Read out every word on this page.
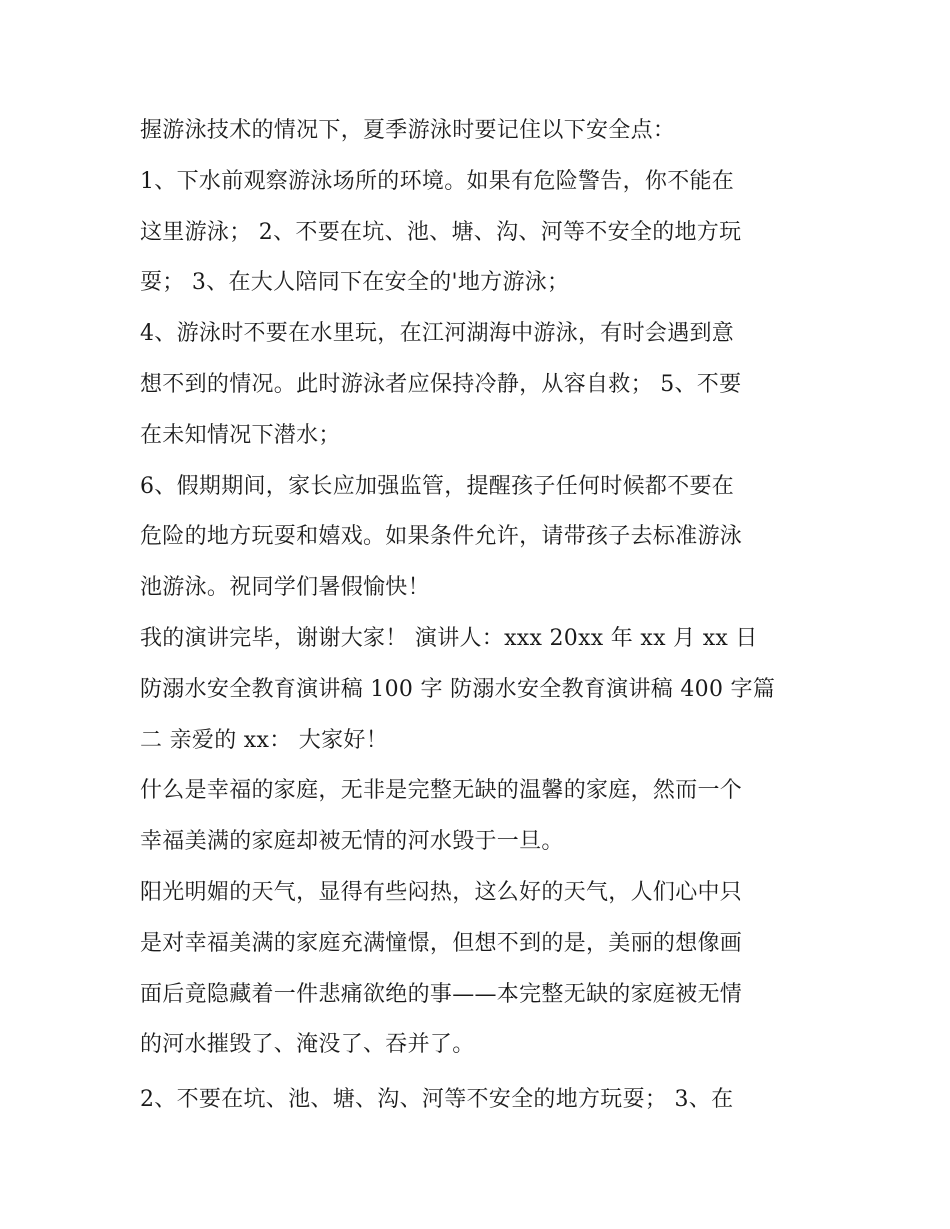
握游泳技术的情况下，夏季游泳时要记住以下安全点：
1、下水前观察游泳场所的环境。如果有危险警告，你不能在
这里游泳； 2、不要在坑、池、塘、沟、河等不安全的地方玩
耍； 3、在大人陪同下在安全的'地方游泳；
4、游泳时不要在水里玩，在江河湖海中游泳，有时会遇到意
想不到的情况。此时游泳者应保持冷静，从容自救； 5、不要
在未知情况下潜水；
6、假期期间，家长应加强监管，提醒孩子任何时候都不要在
危险的地方玩耍和嬉戏。如果条件允许，请带孩子去标准游泳
池游泳。祝同学们暑假愉快！
我的演讲完毕，谢谢大家！ 演讲人：xxx 20xx 年 xx 月 xx 日
防溺水安全教育演讲稿 100 字 防溺水安全教育演讲稿 400 字篇
二 亲爱的 xx： 大家好！
什么是幸福的家庭，无非是完整无缺的温馨的家庭，然而一个
幸福美满的家庭却被无情的河水毁于一旦。
阳光明媚的天气，显得有些闷热，这么好的天气，人们心中只
是对幸福美满的家庭充满憧憬，但想不到的是，美丽的想像画
面后竟隐藏着一件悲痛欲绝的事——本完整无缺的家庭被无情
的河水摧毁了、淹没了、吞并了。
2、不要在坑、池、塘、沟、河等不安全的地方玩耍； 3、在
